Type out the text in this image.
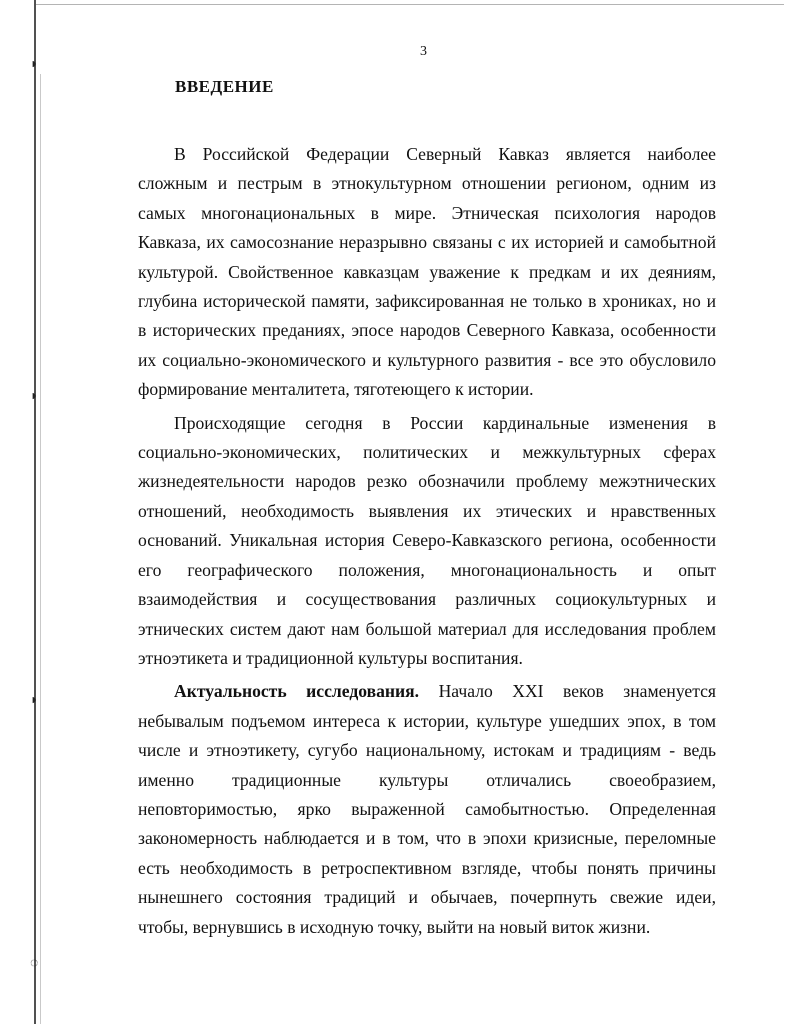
◗
◗
◗
◌
3
ВВЕДЕНИЕ
В Российской Федерации Северный Кавказ является наиболее
сложным и пестрым в этнокультурном отношении регионом, одним из
самых многонациональных в мире. Этническая психология народов
Кавказа, их самосознание неразрывно связаны с их историей и самобытной
культурой. Свойственное кавказцам уважение к предкам и их деяниям,
глубина исторической памяти, зафиксированная не только в хрониках, но и
в исторических преданиях, эпосе народов Северного Кавказа, особенности
их социально-экономического и культурного развития - все это обусловило
формирование менталитета, тяготеющего к истории.
Происходящие сегодня в России кардинальные изменения в
социально-экономических, политических и межкультурных сферах
жизнедеятельности народов резко обозначили проблему межэтнических
отношений, необходимость выявления их этических и нравственных
оснований. Уникальная история Северо-Кавказского региона, особенности
его географического положения, многонациональность и опыт
взаимодействия и сосуществования различных социокультурных и
этнических систем дают нам большой материал для исследования проблем
этноэтикета и традиционной культуры воспитания.
Актуальность исследования. Начало XXI веков знаменуется
небывалым подъемом интереса к истории, культуре ушедших эпох, в том
числе и этноэтикету, сугубо национальному, истокам и традициям - ведь
именно традиционные культуры отличались своеобразием,
неповторимостью, ярко выраженной самобытностью. Определенная
закономерность наблюдается и в том, что в эпохи кризисные, переломные
есть необходимость в ретроспективном взгляде, чтобы понять причины
нынешнего состояния традиций и обычаев, почерпнуть свежие идеи,
чтобы, вернувшись в исходную точку, выйти на новый виток жизни.
